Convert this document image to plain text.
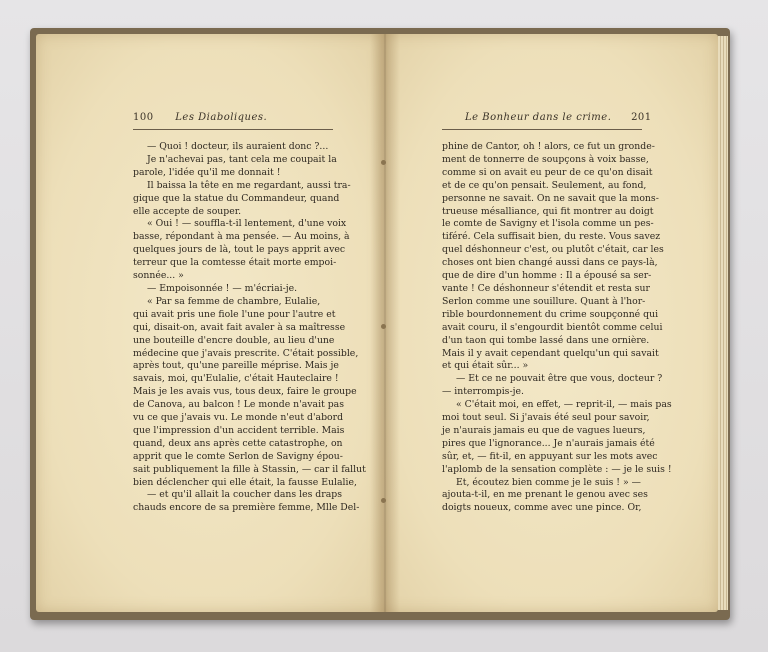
100 Les Diaboliques.	Le Bonheur dans le crime. 201
— Quoi ! docteur, ils auraient donc ?...
Je n'achevai pas, tant cela me coupait la
parole, l'idée qu'il me donnait !
Il baissa la tête en me regardant, aussi tra-
gique que la statue du Commandeur, quand
elle accepte de souper.
« Oui ! — souffla-t-il lentement, d'une voix
basse, répondant à ma pensée. — Au moins, à
quelques jours de là, tout le pays apprit avec
terreur que la comtesse était morte empoi-
sonnée... »
— Empoisonnée ! — m'écriai-je.
« Par sa femme de chambre, Eulalie,
qui avait pris une fiole l'une pour l'autre et
qui, disait-on, avait fait avaler à sa maîtresse
une bouteille d'encre double, au lieu d'une
médecine que j'avais prescrite. C'était possible,
après tout, qu'une pareille méprise. Mais je
savais, moi, qu'Eulalie, c'était Hauteclaire !
Mais je les avais vus, tous deux, faire le groupe
de Canova, au balcon ! Le monde n'avait pas
vu ce que j'avais vu. Le monde n'eut d'abord
que l'impression d'un accident terrible. Mais
quand, deux ans après cette catastrophe, on
apprit que le comte Serlon de Savigny épou-
sait publiquement la fille à Stassin, — car il fallut
bien déclencher qui elle était, la fausse Eulalie,
— et qu'il allait la coucher dans les draps
chauds encore de sa première femme, Mlle Del-
phine de Cantor, oh ! alors, ce fut un gronde-
ment de tonnerre de soupçons à voix basse,
comme si on avait eu peur de ce qu'on disait
et de ce qu'on pensait. Seulement, au fond,
personne ne savait. On ne savait que la mons-
trueuse mésalliance, qui fit montrer au doigt
le comte de Savigny et l'isola comme un pes-
tiféré. Cela suffisait bien, du reste. Vous savez
quel déshonneur c'est, ou plutôt c'était, car les
choses ont bien changé aussi dans ce pays-là,
que de dire d'un homme : Il a épousé sa ser-
vante ! Ce déshonneur s'étendit et resta sur
Serlon comme une souillure. Quant à l'hor-
rible bourdonnement du crime soupçonné qui
avait couru, il s'engourdit bientôt comme celui
d'un taon qui tombe lassé dans une ornière.
Mais il y avait cependant quelqu'un qui savait
et qui était sûr... »
— Et ce ne pouvait être que vous, docteur ?
— interrompis-je.
« C'était moi, en effet, — reprit-il, — mais pas
moi tout seul. Si j'avais été seul pour savoir,
je n'aurais jamais eu que de vagues lueurs,
pires que l'ignorance... Je n'aurais jamais été
sûr, et, — fit-il, en appuyant sur les mots avec
l'aplomb de la sensation complète : — je le suis !
Et, écoutez bien comme je le suis ! » —
ajouta-t-il, en me prenant le genou avec ses
doigts noueux, comme avec une pince. Or,
